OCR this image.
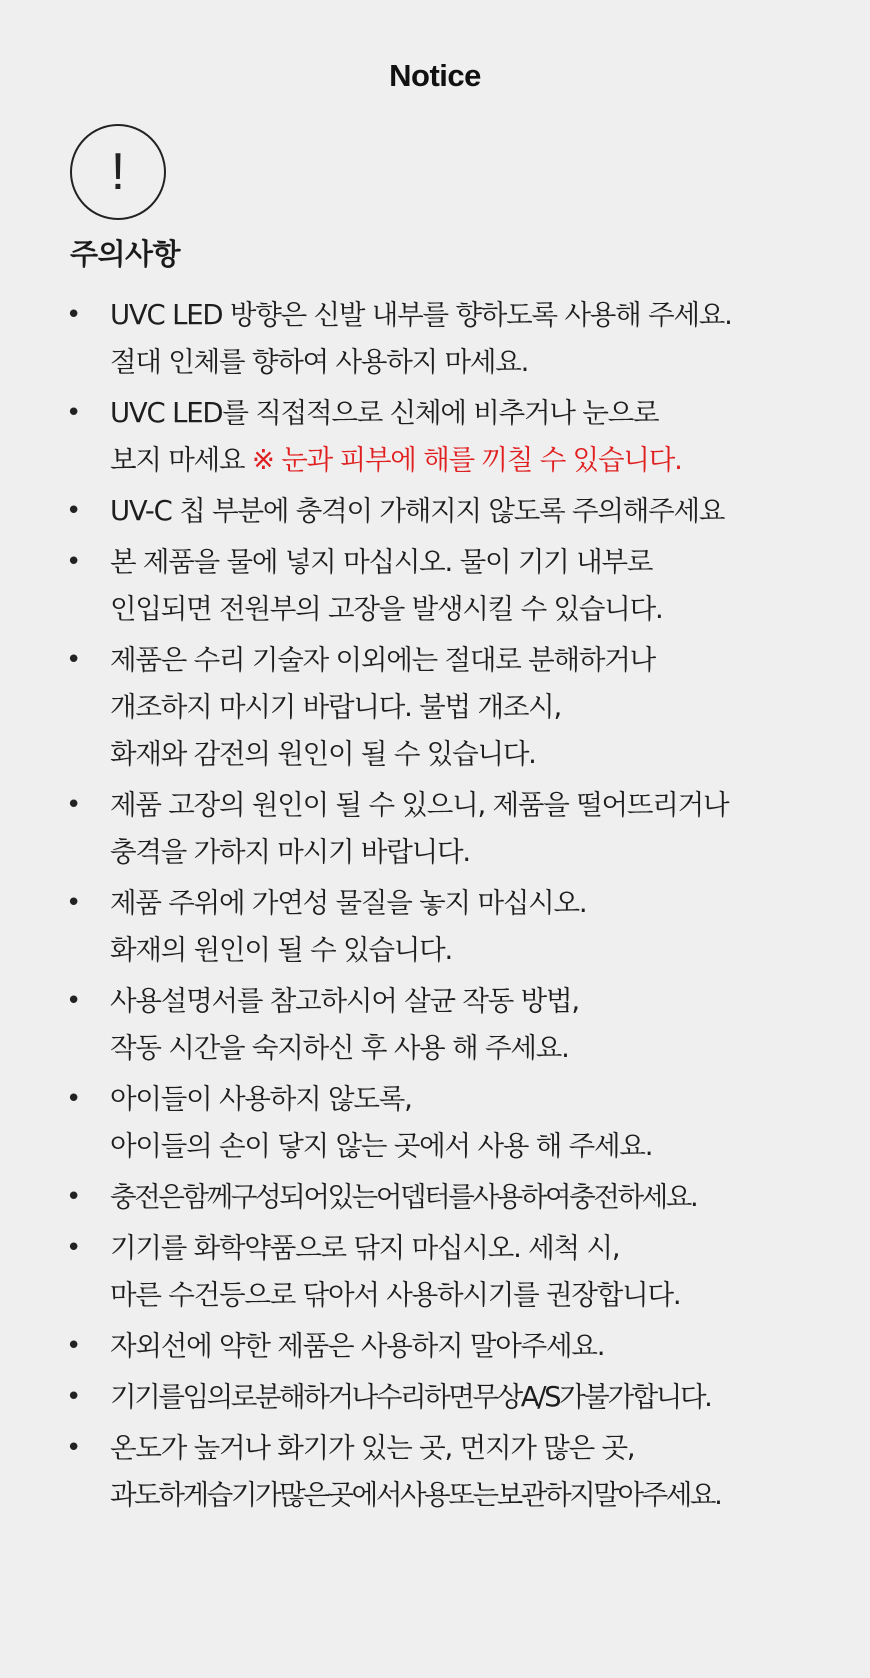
Notice
!
주의사항
• UVC LED 방향은 신발 내부를 향하도록 사용해 주세요.
절대 인체를 향하여 사용하지 마세요.
• UVC LED를 직접적으로 신체에 비추거나 눈으로
보지 마세요 ※ 눈과 피부에 해를 끼칠 수 있습니다.
• UV-C 칩 부분에 충격이 가해지지 않도록 주의해주세요
• 본 제품을 물에 넣지 마십시오. 물이 기기 내부로
인입되면 전원부의 고장을 발생시킬 수 있습니다.
• 제품은 수리 기술자 이외에는 절대로 분해하거나
개조하지 마시기 바랍니다. 불법 개조시,
화재와 감전의 원인이 될 수 있습니다.
• 제품 고장의 원인이 될 수 있으니, 제품을 떨어뜨리거나
충격을 가하지 마시기 바랍니다.
• 제품 주위에 가연성 물질을 놓지 마십시오.
화재의 원인이 될 수 있습니다.
• 사용설명서를 참고하시어 살균 작동 방법,
작동 시간을 숙지하신 후 사용 해 주세요.
• 아이들이 사용하지 않도록,
아이들의 손이 닿지 않는 곳에서 사용 해 주세요.
• 충전은함께구성되어있는어뎁터를사용하여충전하세요.
• 기기를 화학약품으로 닦지 마십시오. 세척 시,
마른 수건등으로 닦아서 사용하시기를 권장합니다.
• 자외선에 약한 제품은 사용하지 말아주세요.
• 기기를임의로분해하거나수리하면무상A/S가불가합니다.
• 온도가 높거나 화기가 있는 곳, 먼지가 많은 곳,
과도하게습기가많은곳에서사용또는보관하지말아주세요.
